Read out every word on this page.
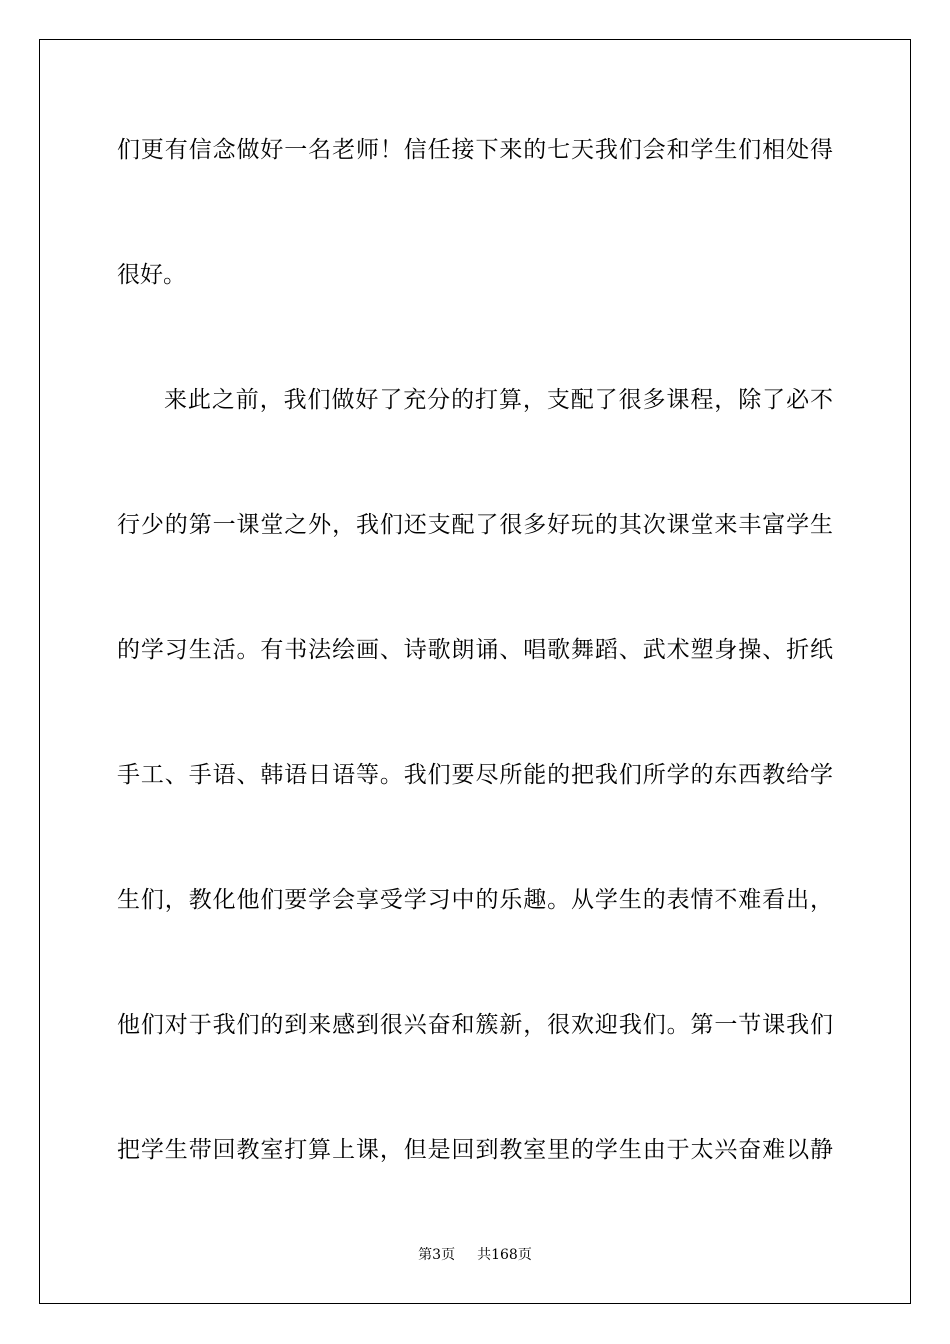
们更有信念做好一名老师！信任接下来的七天我们会和学生们相处得
很好。
来此之前，我们做好了充分的打算，支配了很多课程，除了必不
行少的第一课堂之外，我们还支配了很多好玩的其次课堂来丰富学生
的学习生活。有书法绘画、诗歌朗诵、唱歌舞蹈、武术塑身操、折纸
手工、手语、韩语日语等。我们要尽所能的把我们所学的东西教给学
生们，教化他们要学会享受学习中的乐趣。从学生的表情不难看出，
他们对于我们的到来感到很兴奋和簇新，很欢迎我们。第一节课我们
把学生带回教室打算上课，但是回到教室里的学生由于太兴奋难以静
第3页 共168页
